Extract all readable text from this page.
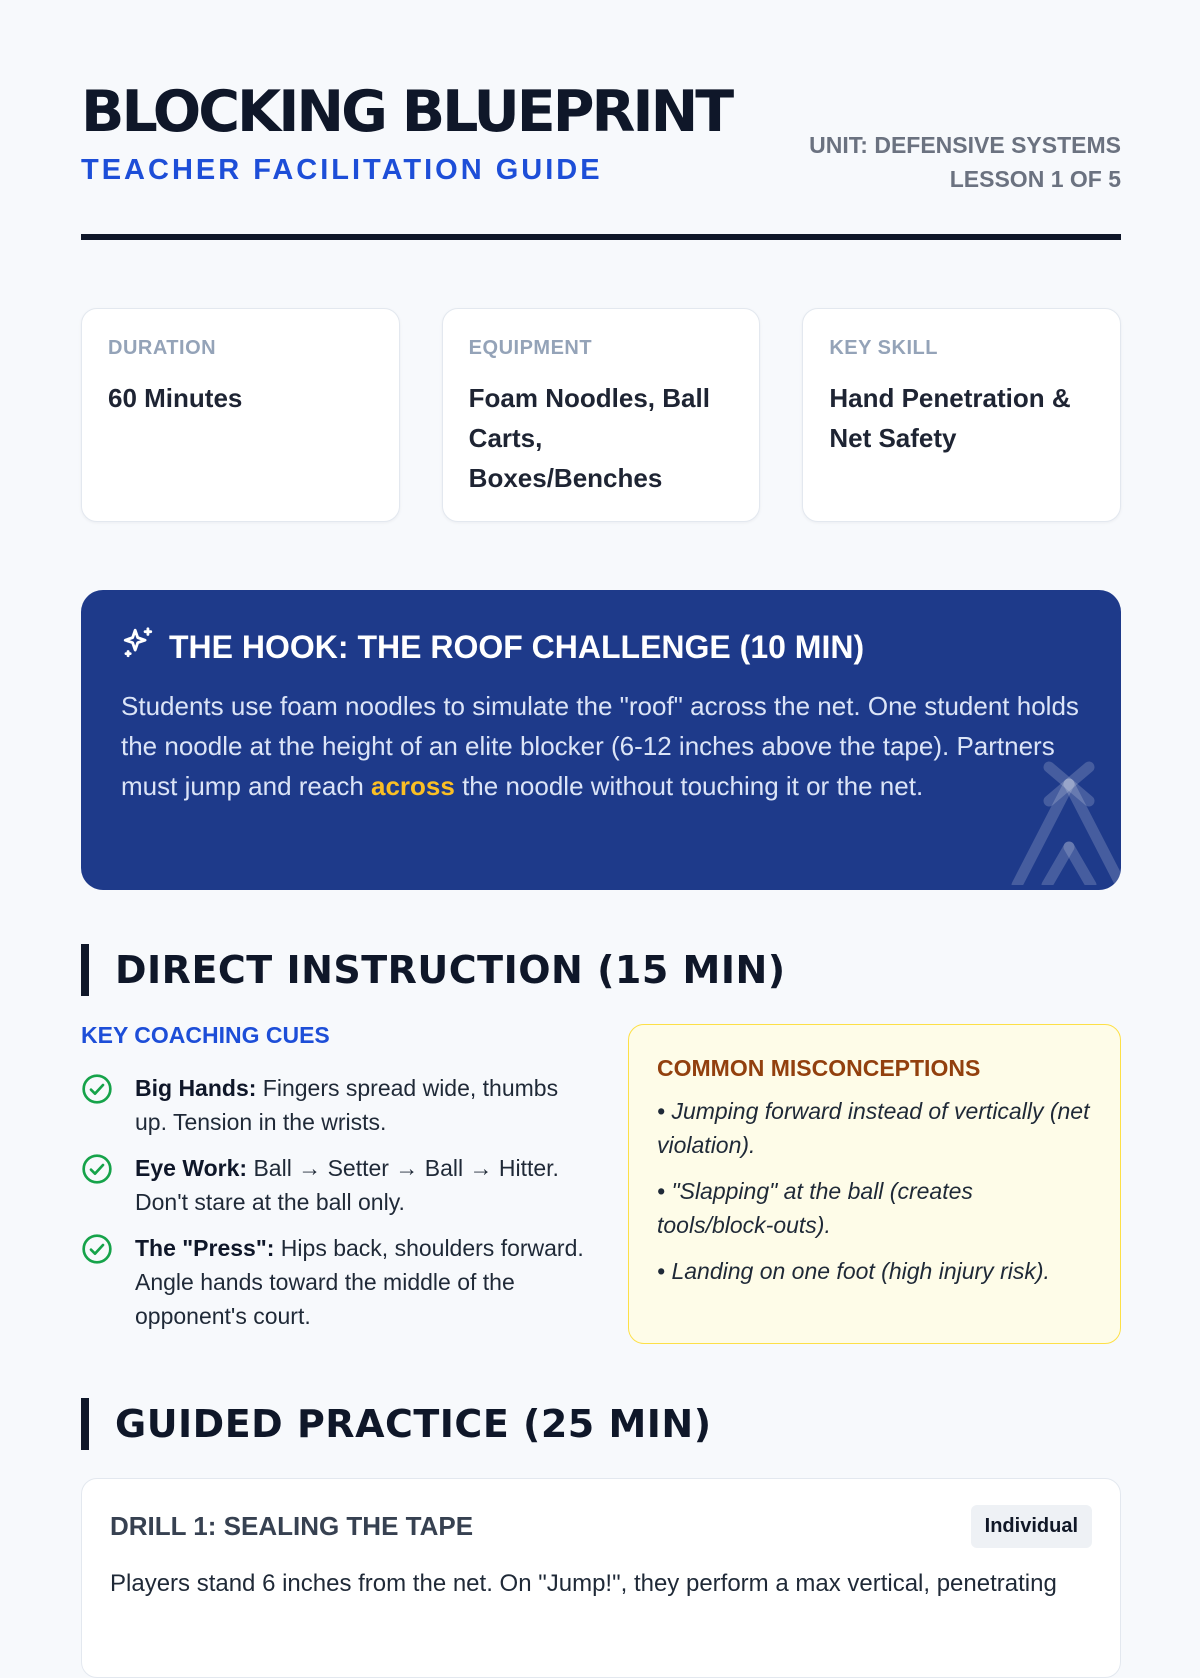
BLOCKING BLUEPRINT
TEACHER FACILITATION GUIDE
UNIT: DEFENSIVE SYSTEMS
LESSON 1 OF 5
DURATION
60 Minutes
EQUIPMENT
Foam Noodles, Ball Carts, Boxes/Benches
KEY SKILL
Hand Penetration & Net Safety
THE HOOK: THE ROOF CHALLENGE (10 MIN)
Students use foam noodles to simulate the "roof" across the net. One student holds the noodle at the height of an elite blocker (6-12 inches above the tape). Partners must jump and reach across the noodle without touching it or the net.
DIRECT INSTRUCTION (15 MIN)
KEY COACHING CUES
Big Hands: Fingers spread wide, thumbs up. Tension in the wrists.
Eye Work: Ball → Setter → Ball → Hitter. Don't stare at the ball only.
The "Press": Hips back, shoulders forward. Angle hands toward the middle of the opponent's court.
COMMON MISCONCEPTIONS
• Jumping forward instead of vertically (net violation).
• "Slapping" at the ball (creates tools/block-outs).
• Landing on one foot (high injury risk).
GUIDED PRACTICE (25 MIN)
DRILL 1: SEALING THE TAPE	Individual
Players stand 6 inches from the net. On "Jump!", they perform a max vertical, penetrating
